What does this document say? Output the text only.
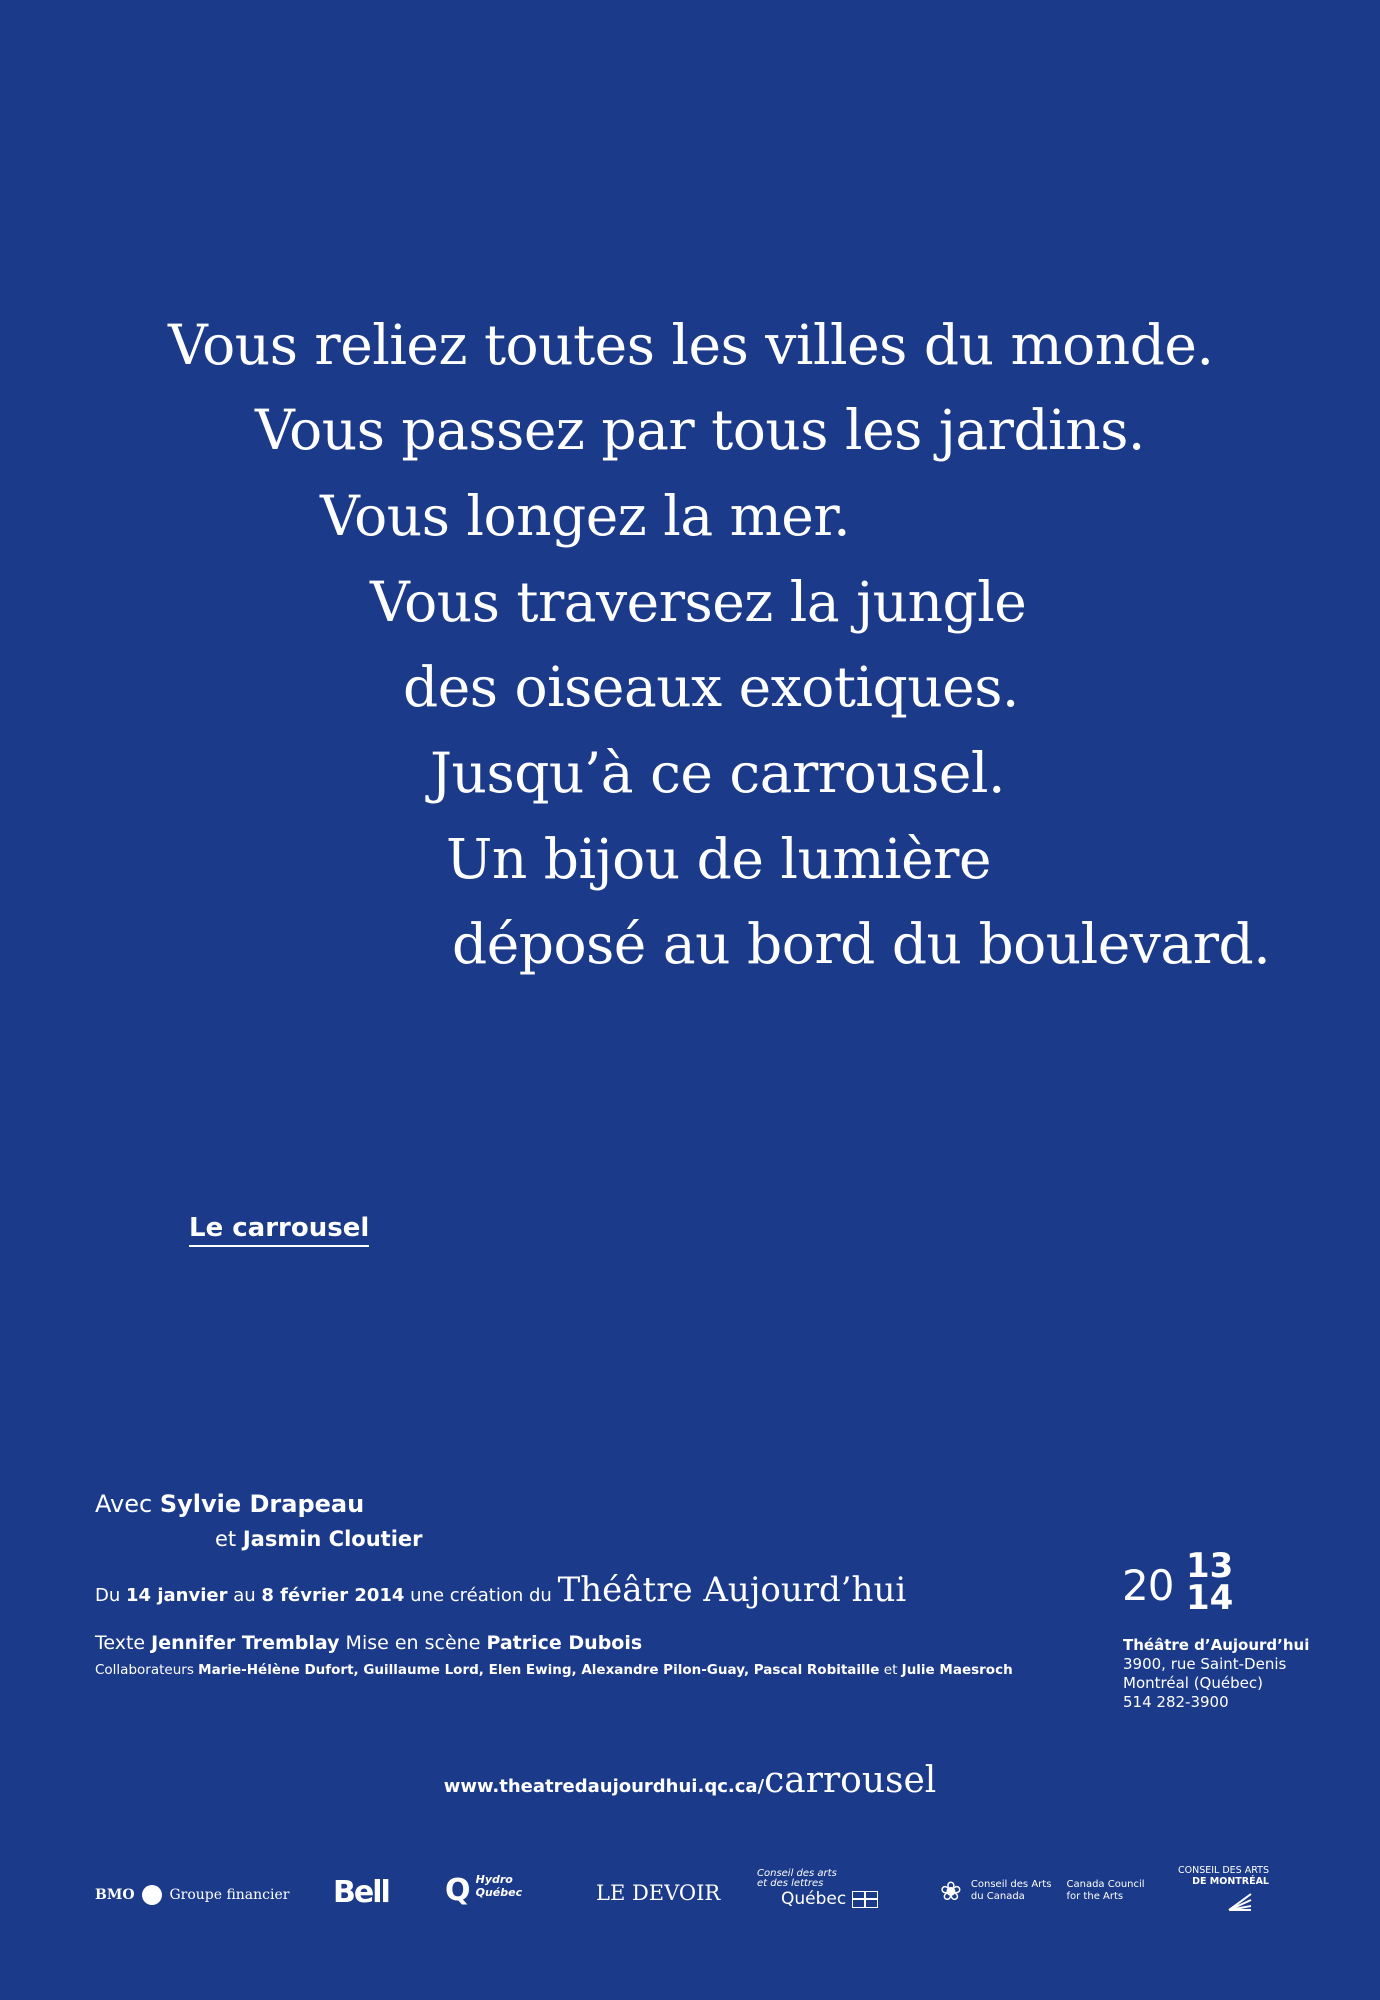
Vous reliez toutes les villes du monde.
Vous passez par tous les jardins.
Vous longez la mer.
Vous traversez la jungle
des oiseaux exotiques.
Jusqu’à ce carrousel.
Un bijou de lumière
déposé au bord du boulevard.
Le carrousel
Avec Sylvie Drapeau
et Jasmin Cloutier
Du 14 janvier au 8 février 2014 une création du Théâtre Aujourd’hui
Texte Jennifer Tremblay Mise en scène Patrice Dubois
Collaborateurs Marie-Hélène Dufort, Guillaume Lord, Elen Ewing, Alexandre Pilon-Guay, Pascal Robitaille et Julie Maesroch
20 13
14
Théâtre d’Aujourd’hui
3900, rue Saint-Denis
Montréal (Québec)
514 282-3900
www.theatredaujourdhui.qc.ca/carrousel
BMO Groupe financier Bell Q Hydro
Québec	LE DEVOIR
Conseil des arts
et des lettres
Québec	❀ Conseil des Arts
du Canada

Canada Council
for the Arts
CONSEIL DES ARTS
DE MONTRÉAL
